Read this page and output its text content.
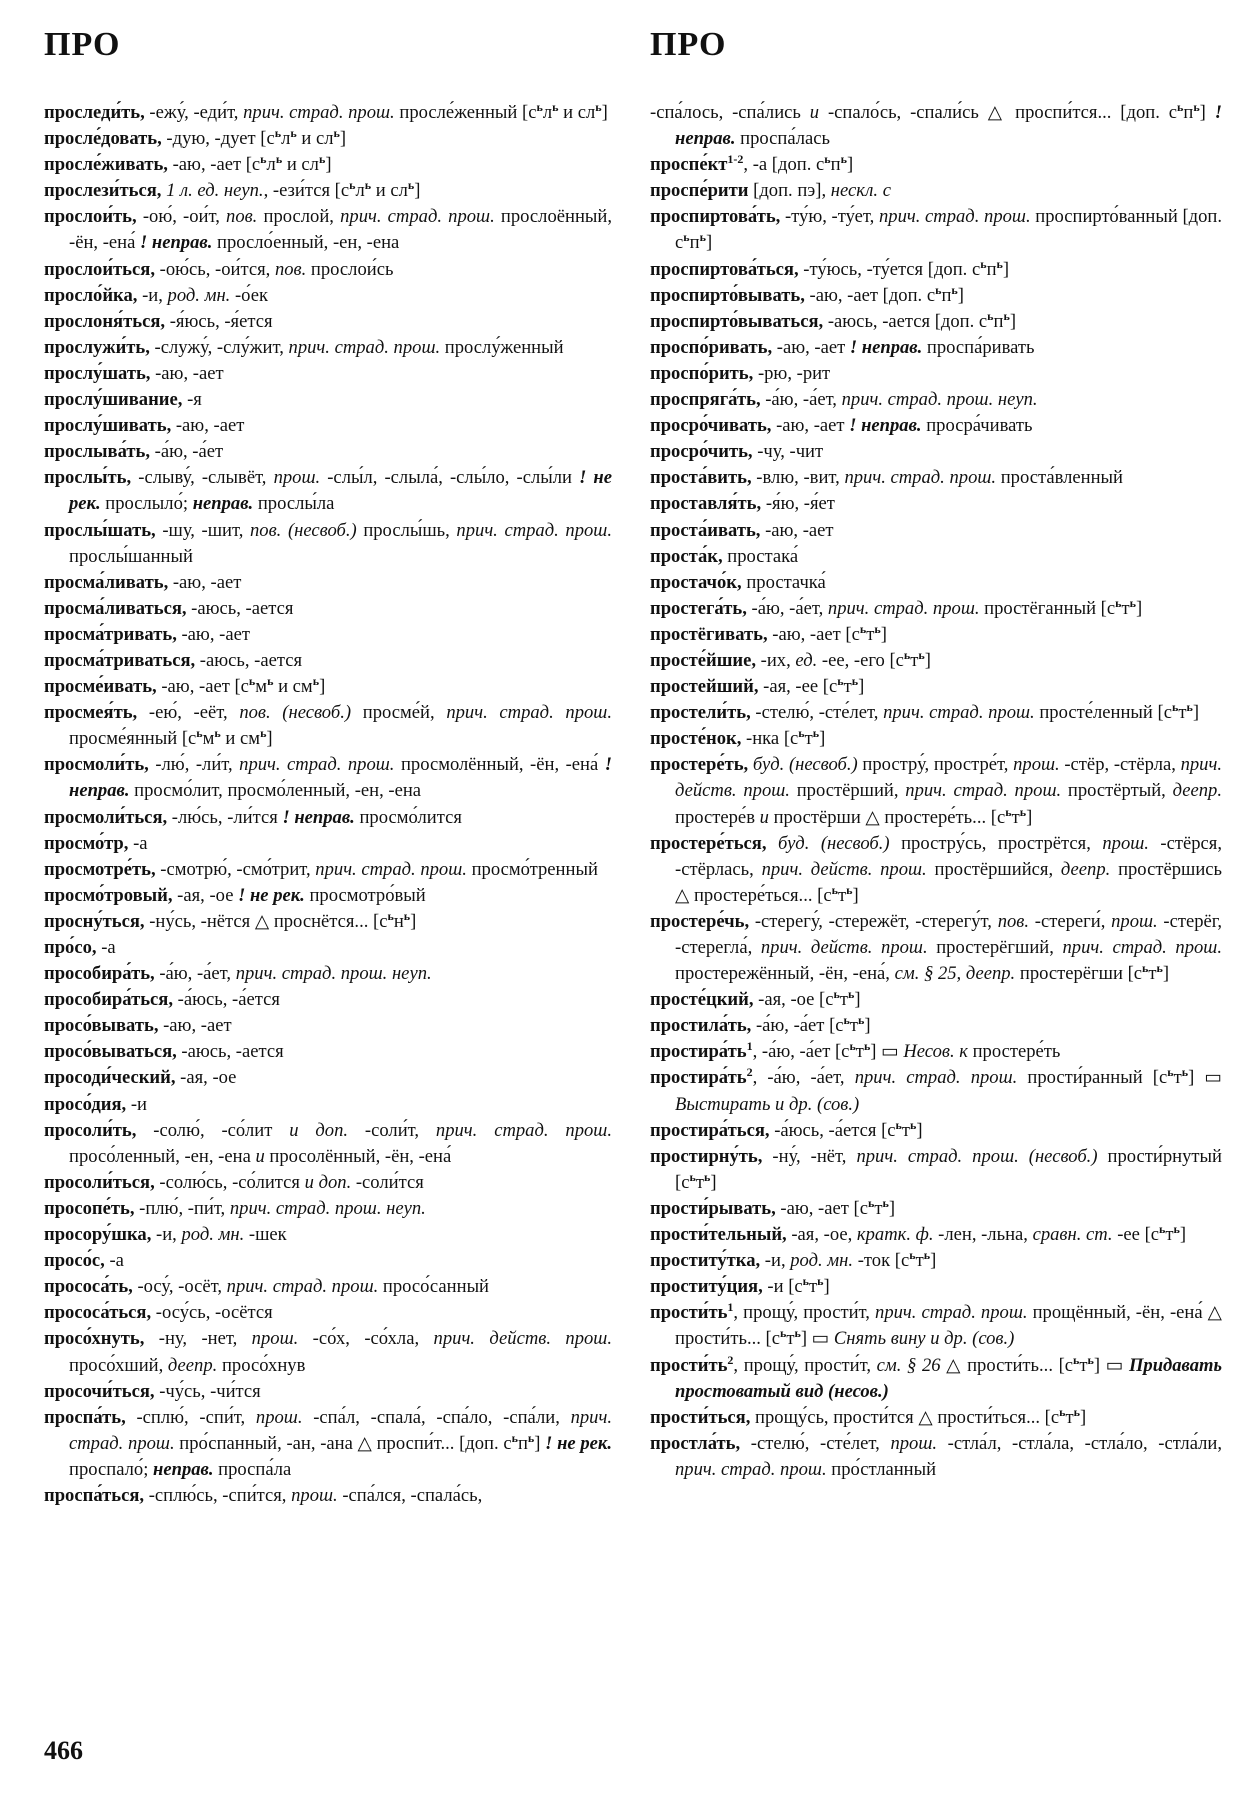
ПРО	ПРО

проследи́ть, -ежу́, -еди́т, прич. страд. прош. просле́женный [$с^ьл^ь$ и $сл^ь$]

просле́довать, -дую, -дует [$с^ьл^ь$ и $сл^ь$]

просле́живать, -аю, -ает [$с^ьл^ь$ и $сл^ь$]

прослези́ться, 1 л. ед. неуп., -ези́тся [$с^ьл^ь$ и $сл^ь$]

прослои́ть, -ою́, -ои́т, пов. прослой, прич. страд. прош. прослоённый, -ён, -ена́ ! неправ. просло́енный, -ен, -ена

прослои́ться, -ою́сь, -ои́тся, пов. прослои́сь

просло́йка, -и, род. мн. -о́ек

прослоня́ться, -я́юсь, -я́ется

прослужи́ть, -служу́, -слу́жит, прич. страд. прош. прослу́женный

прослу́шать, -аю, -ает

прослу́шивание, -я

прослу́шивать, -аю, -ает

прослыва́ть, -а́ю, -а́ет

прослы́ть, -слыву́, -слывёт, прош. -слы́л, -слыла́, -слы́ло, -слы́ли ! не рек. прослыло́; неправ. прослы́ла

прослы́шать, -шу, -шит, пов. (несвоб.) прослы́шь, прич. страд. прош. прослы́шанный

просма́ливать, -аю, -ает

просма́ливаться, -аюсь, -ается

просма́тривать, -аю, -ает

просма́триваться, -аюсь, -ается

просме́ивать, -аю, -ает [$с^ьм^ь$ и $см^ь$]

просмея́ть, -ею́, -еёт, пов. (несвоб.) просме́й, прич. страд. прош. просме́янный [$с^ьм^ь$ и $см^ь$]

просмоли́ть, -лю́, -ли́т, прич. страд. прош. просмолённый, -ён, -ена́ ! неправ. просмо́лит, просмо́ленный, -ен, -ена

просмоли́ться, -лю́сь, -ли́тся ! неправ. просмо́лится

просмо́тр, -а

просмотре́ть, -смотрю́, -смо́трит, прич. страд. прош. просмо́тренный

просмо́тровый, -ая, -ое ! не рек. просмотро́вый

просну́ться, -ну́сь, -нётся △ проснётся... $[с^ьн^ь]$

про́со, -а

прособира́ть, -а́ю, -а́ет, прич. страд. прош. неуп.

прособира́ться, -а́юсь, -а́ется

просо́вывать, -аю, -ает

просо́вываться, -аюсь, -ается

просоди́ческий, -ая, -ое

просо́дия, -и

просоли́ть, -солю́, -со́лит и доп. -соли́т, прич. страд. прош. просо́ленный, -ен, -ена и просолённый, -ён, -ена́

просоли́ться, -солю́сь, -со́лится и доп. -соли́тся

просопе́ть, -плю́, -пи́т, прич. страд. прош. неуп.

просору́шка, -и, род. мн. -шек

просо́с, -а

прососа́ть, -осу́, -осёт, прич. страд. прош. просо́санный

прососа́ться, -осу́сь, -осётся

просо́хнуть, -ну, -нет, прош. -со́х, -со́хла, прич. действ. прош. просо́хший, деепр. просо́хнув

просочи́ться, -чу́сь, -чи́тся

проспа́ть, -сплю́, -спи́т, прош. -спа́л, -спала́, -спа́ло, -спа́ли, прич. страд. прош. про́спанный, -ан, -ана △ проспи́т... [доп. $с^ьп^ь$] ! не рек. проспало́; неправ. проспа́ла

проспа́ться, -сплю́сь, -спи́тся, прош. -спа́лся, -спала́сь,

-спа́лось, -спа́лись и -спало́сь, -спали́сь △ проспи́тся... [доп. $с^ьп^ь$] ! неправ. проспа́лась

$проспе́кт^{1-2}$, -а [доп. $с^ьп^ь$]

проспе́рити [доп. пэ], нескл. с

проспиртова́ть, -ту́ю, -ту́ет, прич. страд. прош. проспирто́ванный [доп. $с^ьп^ь$]

проспиртова́ться, -ту́юсь, -ту́ется [доп. $с^ьп^ь$]

проспирто́вывать, -аю, -ает [доп. $с^ьп^ь$]

проспирто́вываться, -аюсь, -ается [доп. $с^ьп^ь$]

проспо́ривать, -аю, -ает ! неправ. проспа́ривать

проспо́рить, -рю, -рит

проспряга́ть, -а́ю, -а́ет, прич. страд. прош. неуп.

просро́чивать, -аю, -ает ! неправ. просра́чивать

просро́чить, -чу, -чит

проста́вить, -влю, -вит, прич. страд. прош. проста́вленный

проставля́ть, -я́ю, -я́ет

проста́ивать, -аю, -ает

проста́к, простака́

простачо́к, простачка́

простега́ть, -а́ю, -а́ет, прич. страд. прош. простёганный $[с^ьт^ь]$

простёгивать, -аю, -ает $[с^ьт^ь]$

просте́йшие, -их, ед. -ее, -его $[с^ьт^ь]$

простейший, -ая, -ее $[с^ьт^ь]$

простели́ть, -стелю́, -сте́лет, прич. страд. прош. просте́ленный $[с^ьт^ь]$

просте́нок, -нка $[с^ьт^ь]$

простере́ть, буд. (несвоб.) простру́, простре́т, прош. -стёр, -стёрла, прич. действ. прош. простёрший, прич. страд. прош. простёртый, деепр. простере́в и простёрши △ простере́ть... $[с^ьт^ь]$

простере́ться, буд. (несвоб.) простру́сь, прострётся, прош. -стёрся, -стёрлась, прич. действ. прош. простёршийся, деепр. простёршись △ простере́ться... $[с^ьт^ь]$

простере́чь, -стерегу́, -стережёт, -стерегу́т, пов. -стереги́, прош. -стерёг, -стерегла́, прич. действ. прош. простерёгший, прич. страд. прош. простережённый, -ён, -ена́, см. § 25, деепр. простерёгши $[с^ьт^ь]$

просте́цкий, -ая, -ое $[с^ьт^ь]$

простила́ть, -а́ю, -а́ет $[с^ьт^ь]$

$простира́ть^1$, -а́ю, -а́ет $[с^ьт^ь]$ ▭ Несов. к простере́ть

$простира́ть^2$, -а́ю, -а́ет, прич. страд. прош. прости́ранный $[с^ьт^ь]$ ▭ Выстирать и др. (сов.)

простира́ться, -а́юсь, -а́ется $[с^ьт^ь]$

простирну́ть, -ну́, -нёт, прич. страд. прош. (несвоб.) прости́рнутый $[с^ьт^ь]$

прости́рывать, -аю, -ает $[с^ьт^ь]$

прости́тельный, -ая, -ое, кратк. ф. -лен, -льна, сравн. ст. -ее $[с^ьт^ь]$

проститу́тка, -и, род. мн. -ток $[с^ьт^ь]$

проститу́ция, -и $[с^ьт^ь]$

$прости́ть^1$, прощу́, прости́т, прич. страд. прош. прощённый, -ён, -ена́ △ прости́ть... $[с^ьт^ь]$ ▭ Снять вину и др. (сов.)

$прости́ть^2$, прощу́, прости́т, см. § 26 △ прости́ть... $[с^ьт^ь]$ ▭ Придавать простоватый вид (несов.)

прости́ться, прощу́сь, прости́тся △ прости́ться... $[с^ьт^ь]$

простла́ть, -стелю́, -сте́лет, прош. -стла́л, -стла́ла, -стла́ло, -стла́ли, прич. страд. прош. про́стланный

466
